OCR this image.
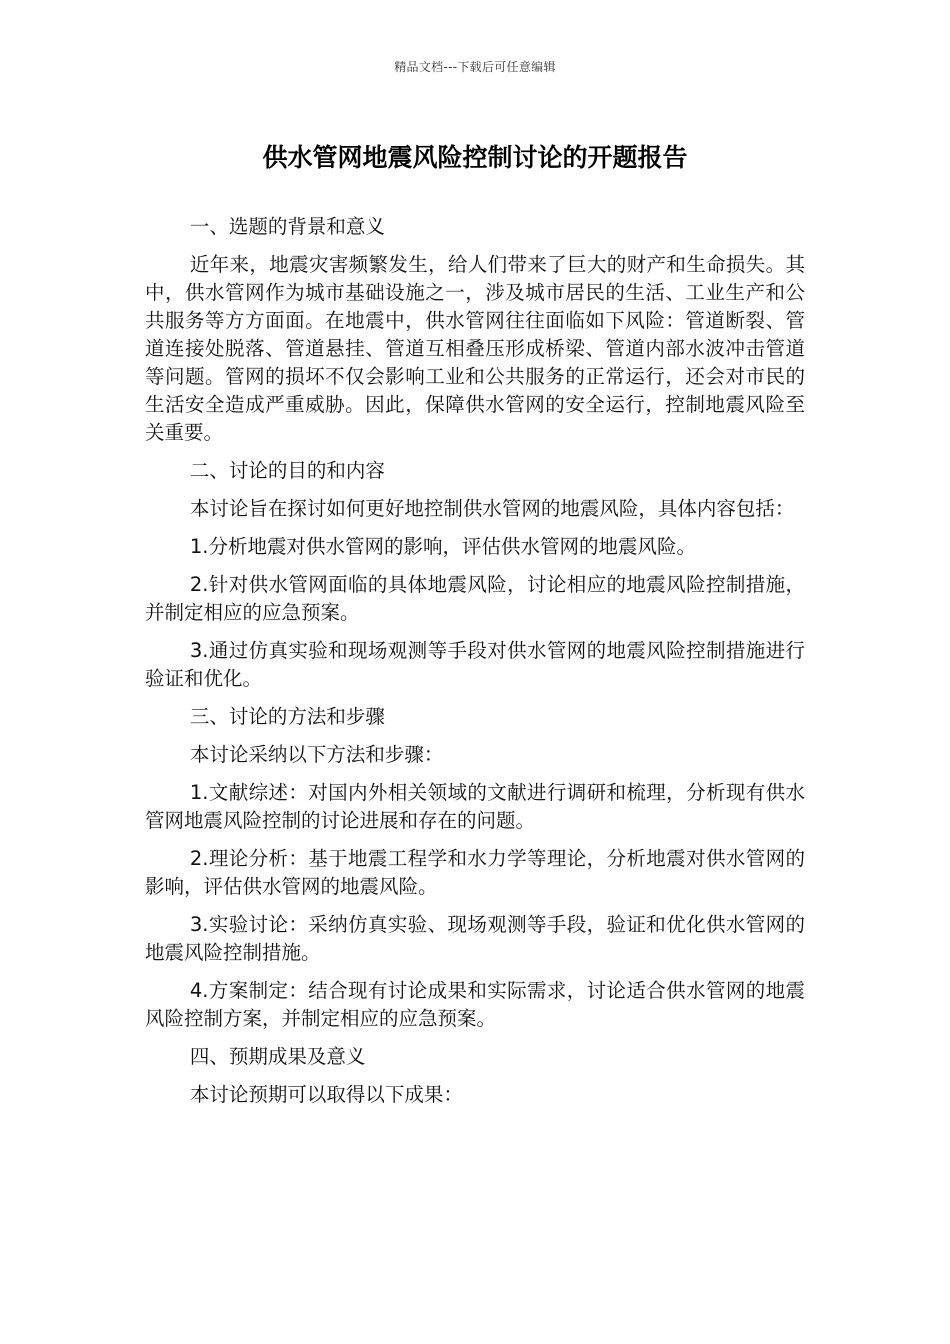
精品文档---下载后可任意编辑
供水管网地震风险控制讨论的开题报告

一、选题的背景和意义

近年来，地震灾害频繁发生，给人们带来了巨大的财产和生命损失。其中，供水管网作为城市基础设施之一，涉及城市居民的生活、工业生产和公共服务等方方面面。在地震中，供水管网往往面临如下风险：管道断裂、管道连接处脱落、管道悬挂、管道互相叠压形成桥梁、管道内部水波冲击管道等问题。管网的损坏不仅会影响工业和公共服务的正常运行，还会对市民的生活安全造成严重威胁。因此，保障供水管网的安全运行，控制地震风险至关重要。

二、讨论的目的和内容

本讨论旨在探讨如何更好地控制供水管网的地震风险，具体内容包括：

1.分析地震对供水管网的影响，评估供水管网的地震风险。

2.针对供水管网面临的具体地震风险，讨论相应的地震风险控制措施，并制定相应的应急预案。

3.通过仿真实验和现场观测等手段对供水管网的地震风险控制措施进行验证和优化。

三、讨论的方法和步骤

本讨论采纳以下方法和步骤：

1.文献综述：对国内外相关领域的文献进行调研和梳理，分析现有供水管网地震风险控制的讨论进展和存在的问题。

2.理论分析：基于地震工程学和水力学等理论，分析地震对供水管网的影响，评估供水管网的地震风险。

3.实验讨论：采纳仿真实验、现场观测等手段，验证和优化供水管网的地震风险控制措施。

4.方案制定：结合现有讨论成果和实际需求，讨论适合供水管网的地震风险控制方案，并制定相应的应急预案。

四、预期成果及意义

本讨论预期可以取得以下成果：
